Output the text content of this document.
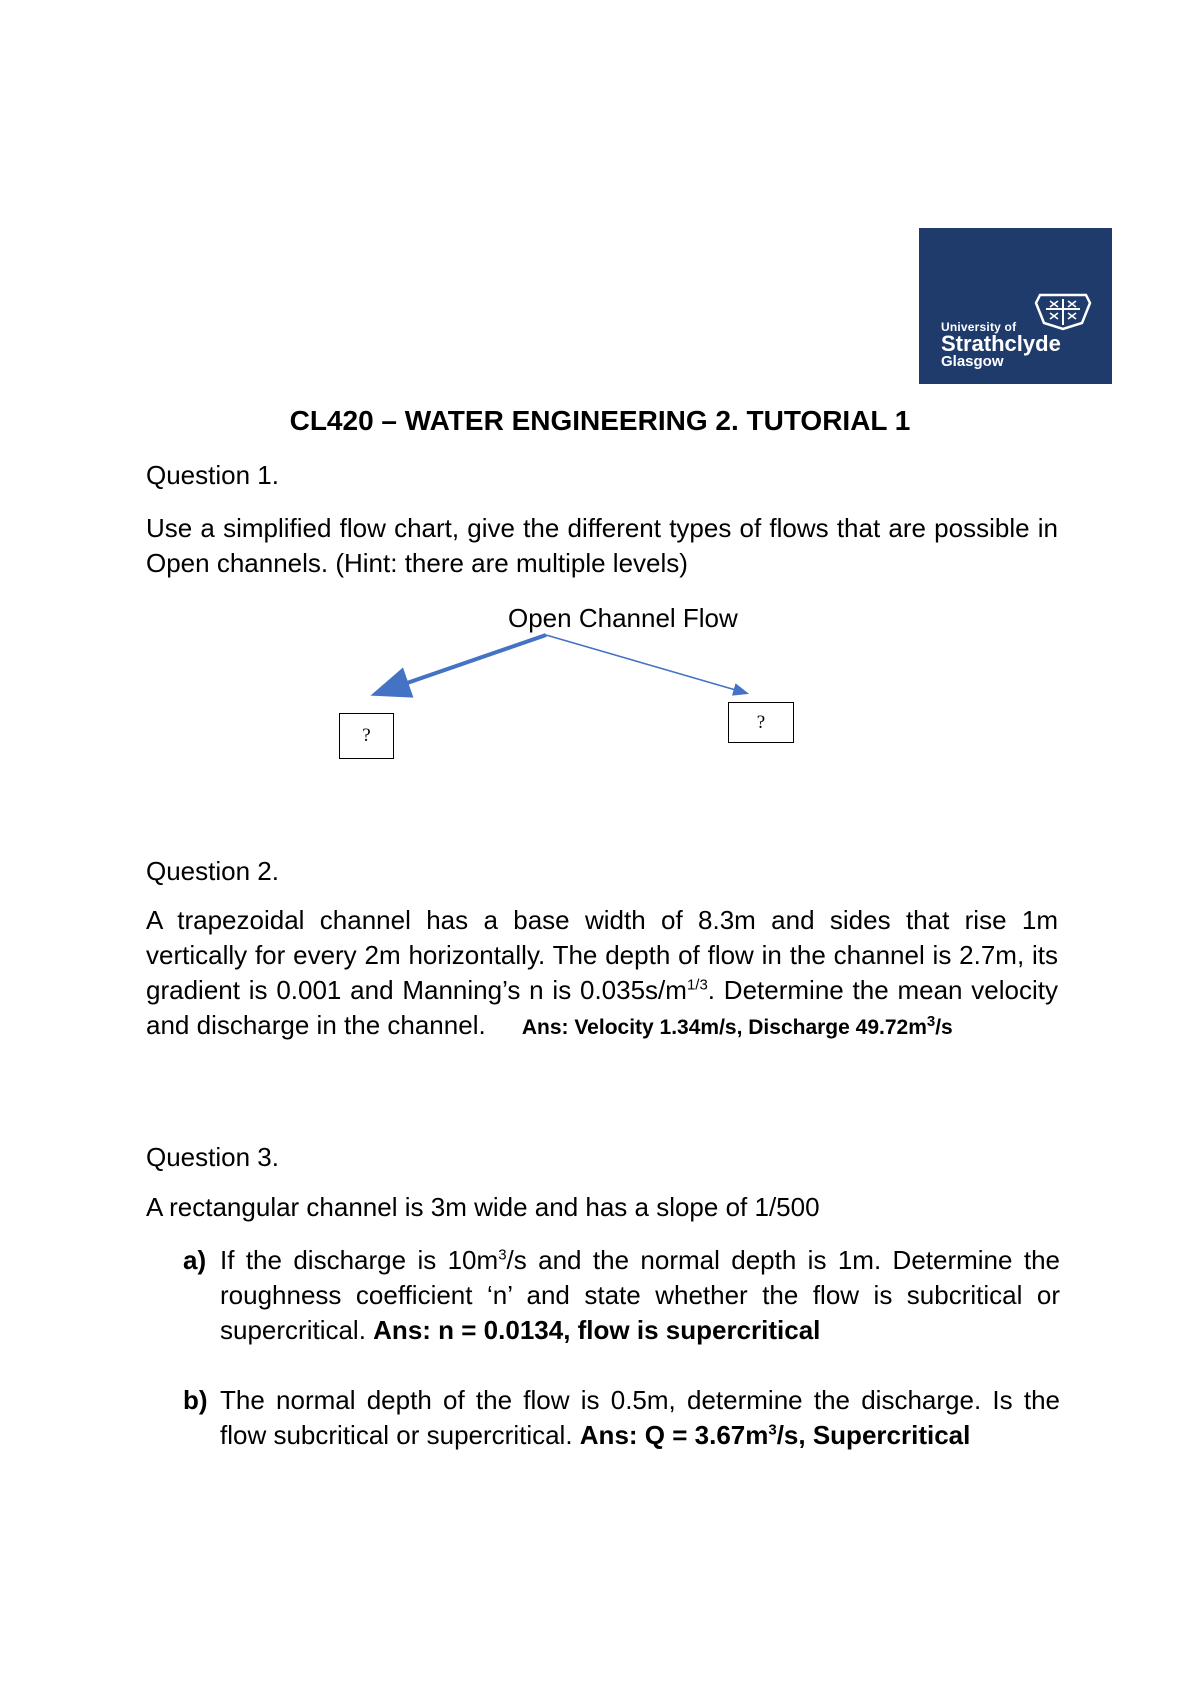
University of
Strathclyde
Glasgow
CL420 – WATER ENGINEERING 2. TUTORIAL 1
Question 1.
Use a simplified flow chart, give the different types of flows that are possible in Open channels. (Hint: there are multiple levels)
Open Channel Flow
?
?
Question 2.
A trapezoidal channel has a base width of 8.3m and sides that rise 1m vertically for every 2m horizontally. The depth of flow in the channel is 2.7m, its gradient is 0.001 and Manning’s n is $0.035s/m^{1/3}$. Determine the mean velocity and discharge in the channel. Ans: Velocity 1.34m/s, Discharge $49.72m^3/s$
Question 3.
A rectangular channel is 3m wide and has a slope of 1/500
a) If the discharge is $10m^3/s$ and the normal depth is 1m. Determine the roughness coefficient ‘n’ and state whether the flow is subcritical or supercritical. Ans: n = 0.0134, flow is supercritical
b) The normal depth of the flow is 0.5m, determine the discharge. Is the flow subcritical or supercritical. Ans: $Q = 3.67m^3/s$, Supercritical
